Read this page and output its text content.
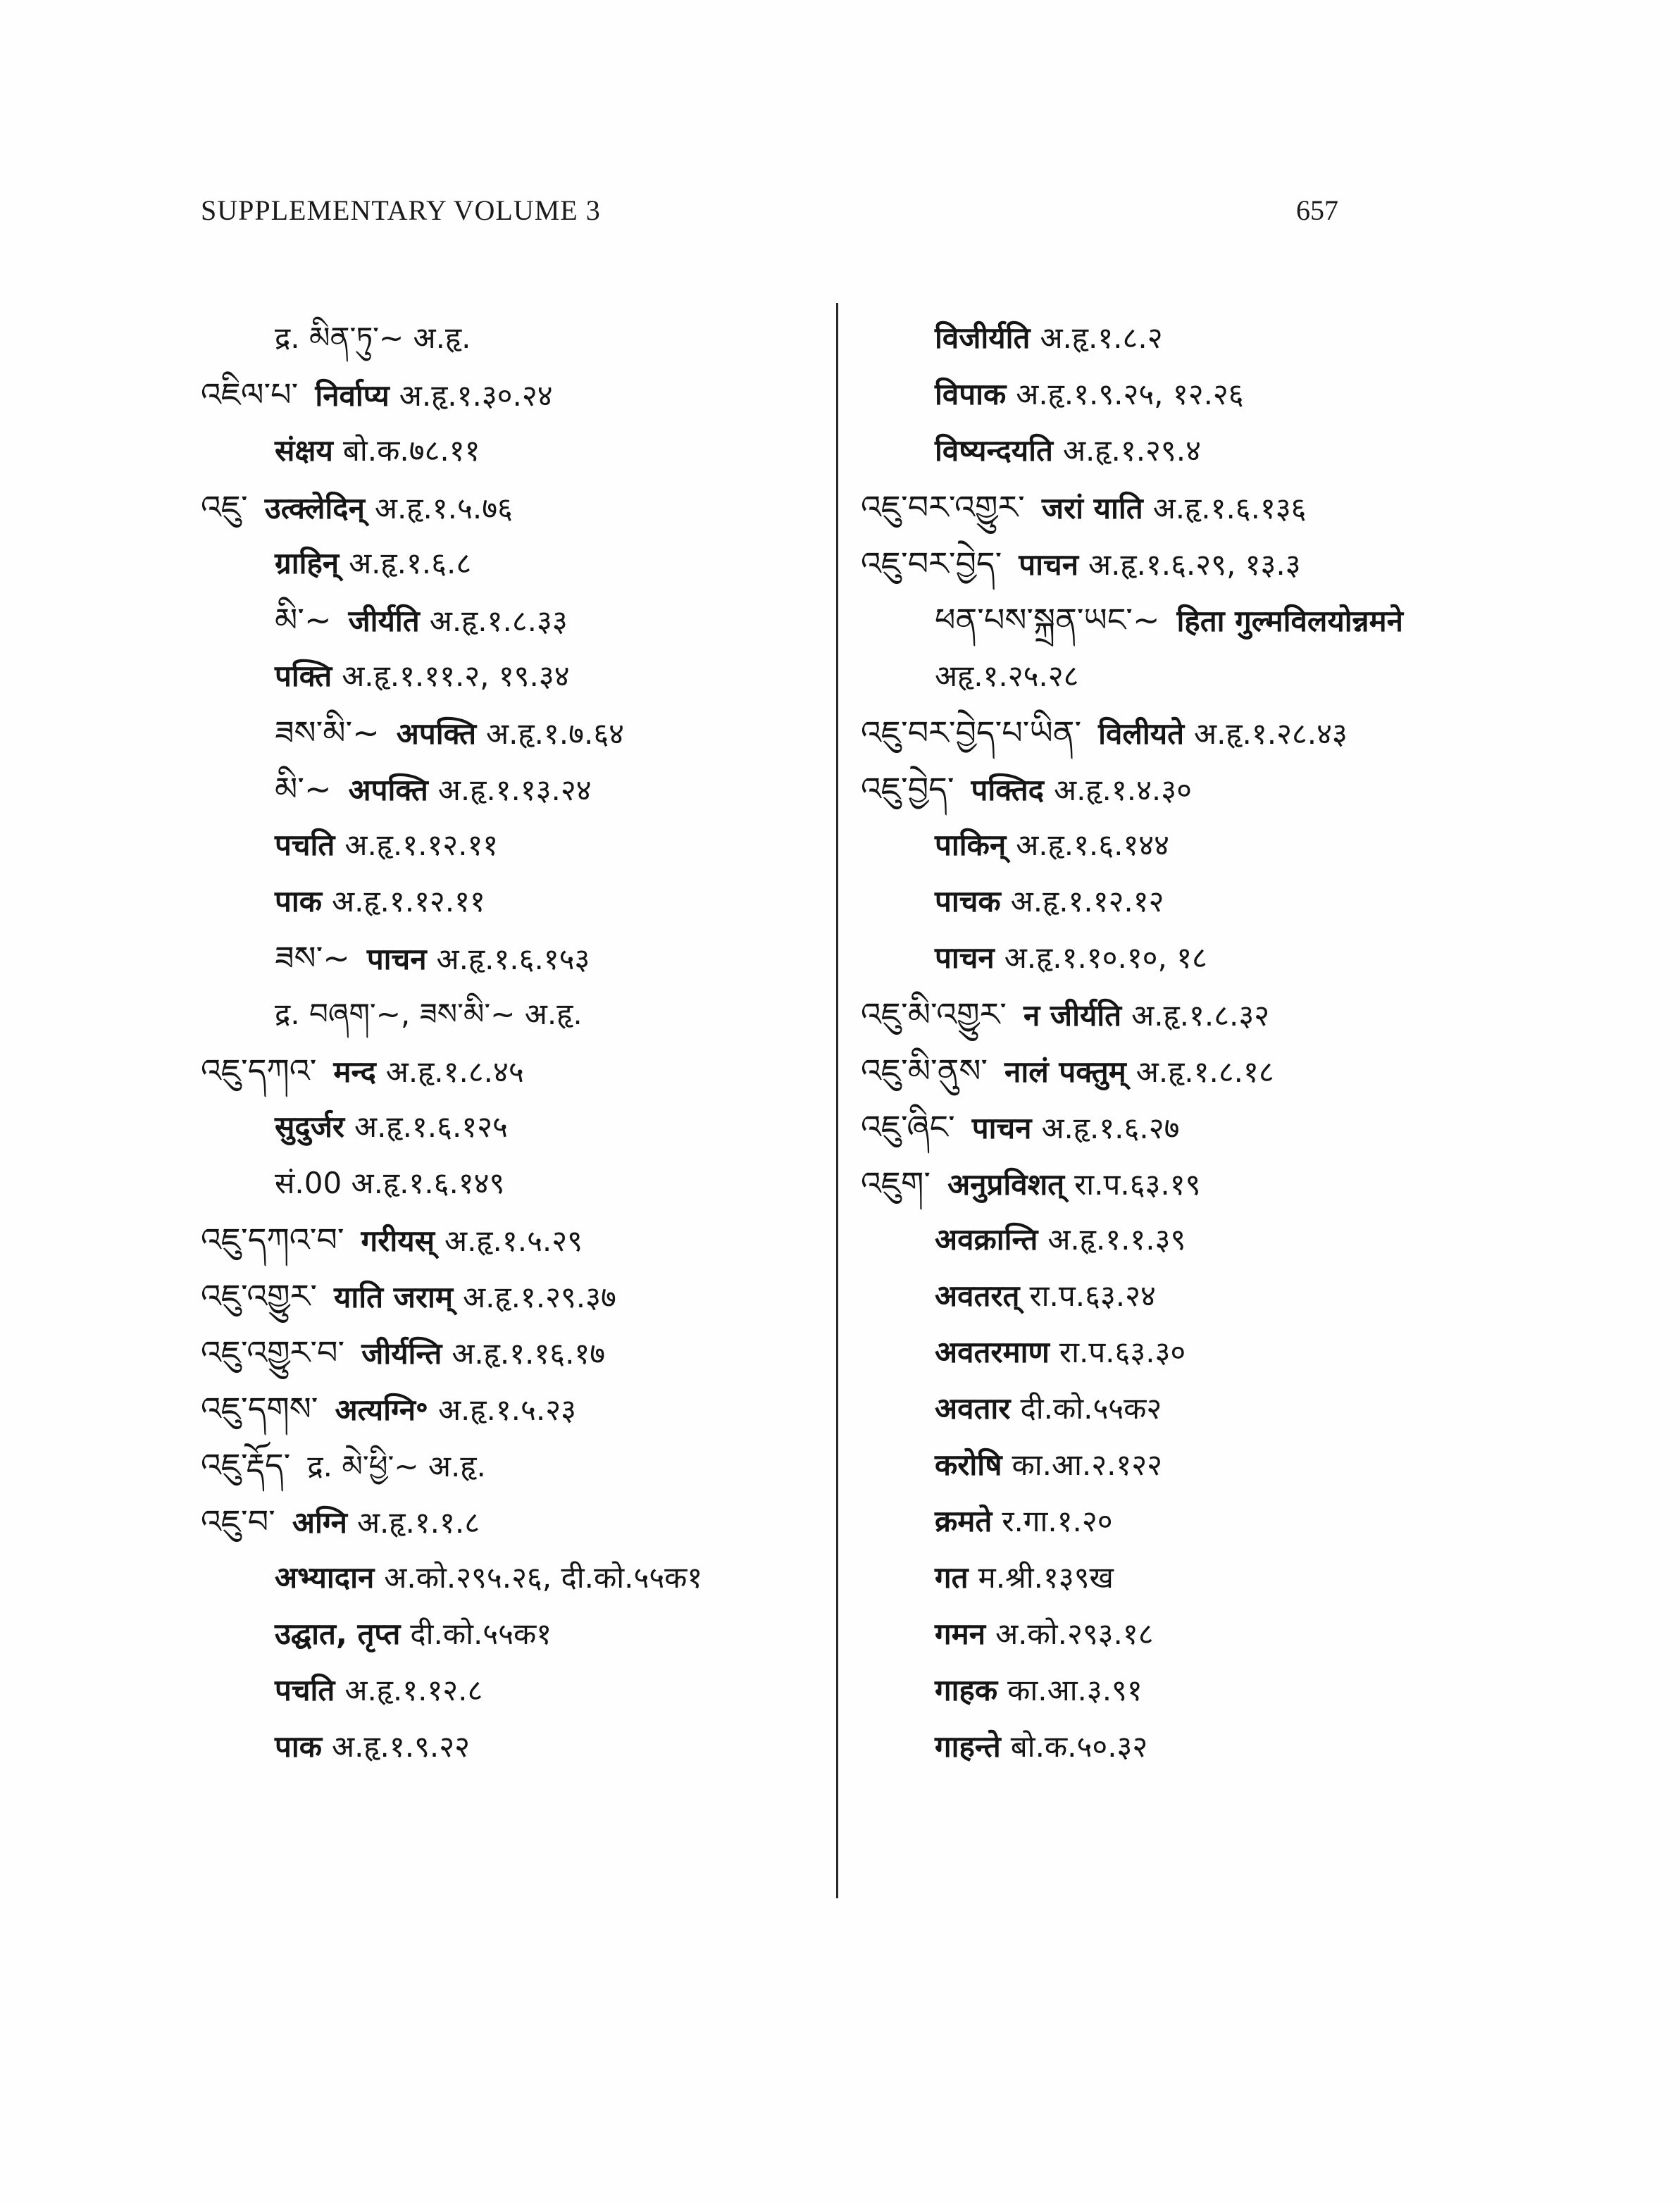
SUPPLEMENTARY VOLUME 3	657
द्र. མིན་ཏུ་~ अ.हृ.
འཇིལ་པ་ निर्वाप्य अ.हृ.१.३०.२४
संक्षय बो.क.७८.११
འཇུ་ उत्क्लेदिन् अ.हृ.१.५.७६
ग्राहिन् अ.हृ.१.६.८
མི་~ जीर्यति अ.हृ.१.८.३३
पक्ति अ.हृ.१.११.२, १९.३४
ཟས་མི་~ अपक्ति अ.हृ.१.७.६४
མི་~ अपक्ति अ.हृ.१.१३.२४
पचति अ.हृ.१.१२.११
पाक अ.हृ.१.१२.११
ཟས་~ पाचन अ.हृ.१.६.१५३
द्र. བཞག་~, ཟས་མི་~ अ.हृ.
འཇུ་དཀའ་ मन्द अ.हृ.१.८.४५
सुदुर्जर अ.हृ.१.६.१२५
सं.00 अ.हृ.१.६.१४९
འཇུ་དཀའ་བ་ गरीयस् अ.हृ.१.५.२९
འཇུ་འགྱུར་ याति जराम् अ.हृ.१.२९.३७
འཇུ་འགྱུར་བ་ जीर्यन्ति अ.हृ.१.१६.१७
འཇུ་དགས་ अत्यग्नि॰ अ.हृ.१.५.२३
འཇུ་རྡོད་ द्र. མེ་ཕྱི་~ अ.हृ.
འཇུ་བ་ अग्नि अ.हृ.१.१.८
अभ्यादान अ.को.२९५.२६, दी.को.५५क१
उद्घात, तृप्त दी.को.५५क१
पचति अ.हृ.१.१२.८
पाक अ.हृ.१.९.२२
विजीर्यति अ.हृ.१.८.२
विपाक अ.हृ.१.९.२५, १२.२६
विष्यन्दयति अ.हृ.१.२९.४
འཇུ་བར་འགྱུར་ जरां याति अ.हृ.१.६.१३६
འཇུ་བར་བྱེད་ पाचन अ.हृ.१.६.२९, १३.३
ཕན་པས་སྐྲན་ཡང་~ हिता गुल्मविलयोन्नमने
अहृ.१.२५.२८
འཇུ་བར་བྱེད་པ་ཡིན་ विलीयते अ.हृ.१.२८.४३
འཇུ་བྱེད་ पक्तिद अ.हृ.१.४.३०
पाकिन् अ.हृ.१.६.१४४
पाचक अ.हृ.१.१२.१२
पाचन अ.हृ.१.१०.१०, १८
འཇུ་མི་འགྱུར་ न जीर्यति अ.हृ.१.८.३२
འཇུ་མི་ནུས་ नालं पक्तुम् अ.हृ.१.८.१८
འཇུ་ཞིང་ पाचन अ.हृ.१.६.२७
འཇུག་ अनुप्रविशत् रा.प.६३.१९
अवक्रान्ति अ.हृ.१.१.३९
अवतरत् रा.प.६३.२४
अवतरमाण रा.प.६३.३०
अवतार दी.को.५५क२
करोषि का.आ.२.१२२
क्रमते र.गा.१.२०
गत म.श्री.१३९ख
गमन अ.को.२९३.१८
गाहक का.आ.३.९१
गाहन्ते बो.क.५०.३२
